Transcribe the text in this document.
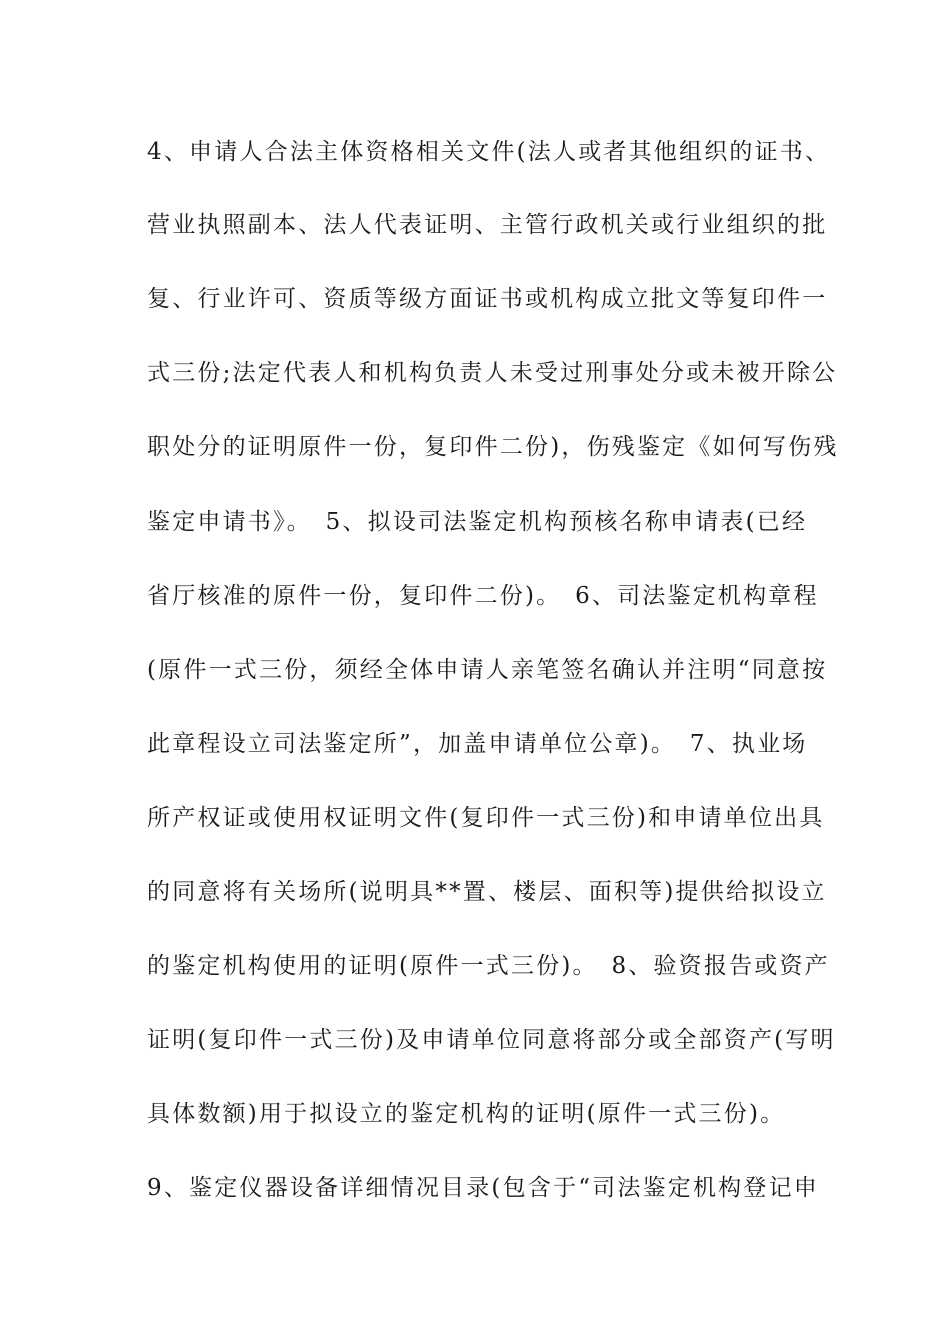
4、申请人合法主体资格相关文件(法人或者其他组织的证书、
营业执照副本、法人代表证明、主管行政机关或行业组织的批
复、行业许可、资质等级方面证书或机构成立批文等复印件一
式三份;法定代表人和机构负责人未受过刑事处分或未被开除公
职处分的证明原件一份，复印件二份)，伤残鉴定《如何写伤残
鉴定申请书》。　5、拟设司法鉴定机构预核名称申请表(已经
省厅核准的原件一份，复印件二份)。　6、司法鉴定机构章程
(原件一式三份，须经全体申请人亲笔签名确认并注明“同意按
此章程设立司法鉴定所”，加盖申请单位公章)。　7、执业场
所产权证或使用权证明文件(复印件一式三份)和申请单位出具
的同意将有关场所(说明具**置、楼层、面积等)提供给拟设立
的鉴定机构使用的证明(原件一式三份)。　8、验资报告或资产
证明(复印件一式三份)及申请单位同意将部分或全部资产(写明
具体数额)用于拟设立的鉴定机构的证明(原件一式三份)。
9、鉴定仪器设备详细情况目录(包含于“司法鉴定机构登记申
